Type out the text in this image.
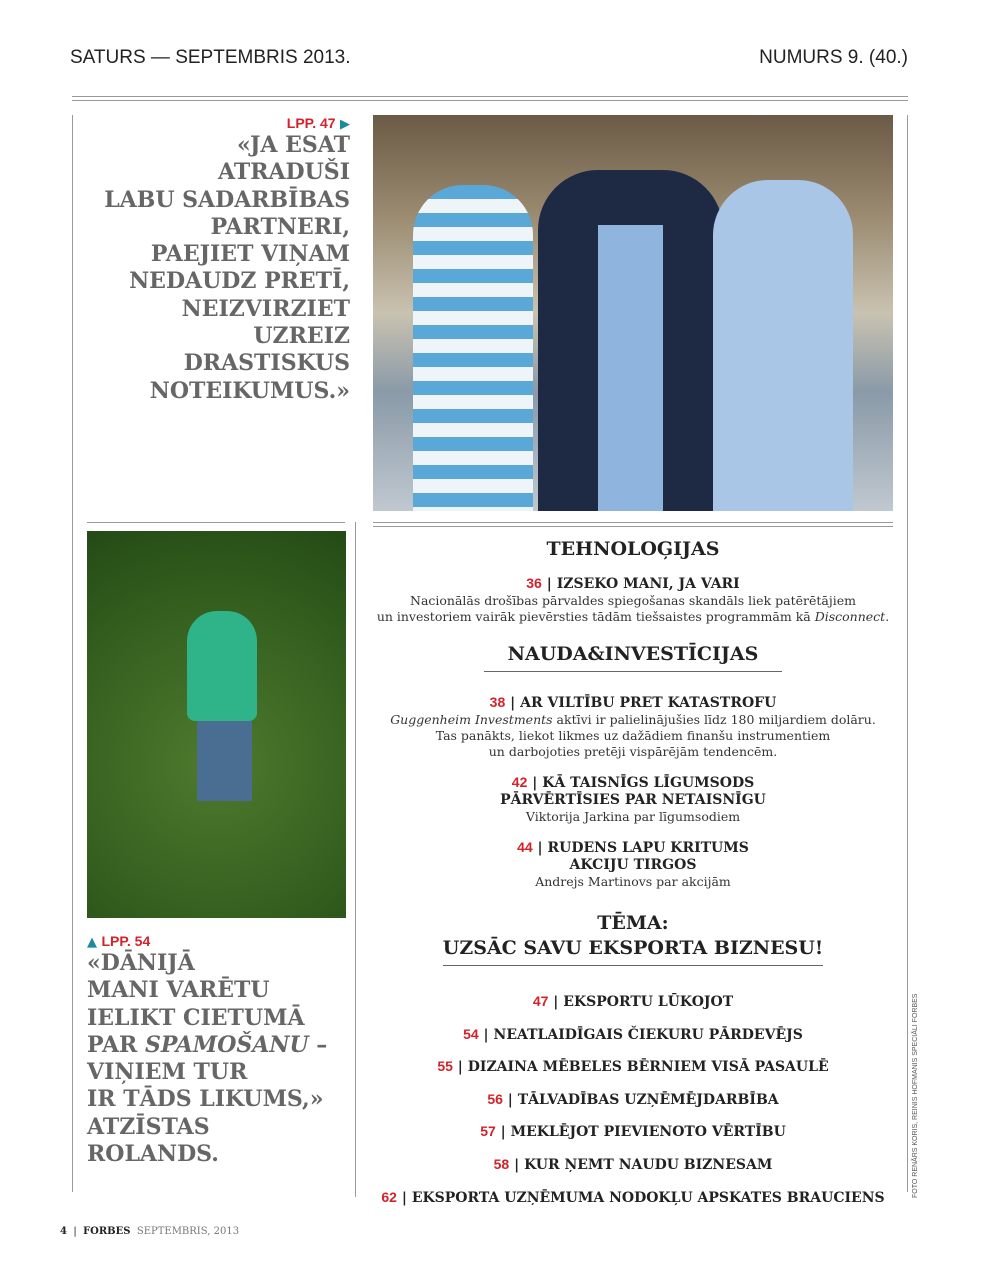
SATURS — SEPTEMBRIS 2013.	NUMURS 9. (40.)
LPP. 47 ▶
«JA ESAT
ATRADUŠI
LABU SADARBĪBAS
PARTNERI,
PAEJIET VIŅAM
NEDAUDZ PRETĪ,
NEIZVIRZIET
UZREIZ
DRASTISKUS
NOTEIKUMUS.»
▲ LPP. 54
«DĀNIJĀ
MANI VARĒTU
IELIKT CIETUMĀ
PAR SPAMOŠANU –
VIŅIEM TUR
IR TĀDS LIKUMS,»
ATZĪSTAS
ROLANDS.
TEHNOLOĢIJAS
36 | IZSEKO MANI, JA VARI
Nacionālās drošības pārvaldes spiegošanas skandāls liek patērētājiem
un investoriem vairāk pievērsties tādām tiešsaistes programmām kā Disconnect.
NAUDA&INVESTĪCIJAS
38 | AR VILTĪBU PRET KATASTROFU
Guggenheim Investments aktīvi ir palielinājušies līdz 180 miljardiem dolāru.
Tas panākts, liekot likmes uz dažādiem finanšu instrumentiem
un darbojoties pretēji vispārējām tendencēm.
42 | KĀ TAISNĪGS LĪGUMSODS
PĀRVĒRTĪSIES PAR NETAISNĪGU
Viktorija Jarkina par līgumsodiem
44 | RUDENS LAPU KRITUMS
AKCIJU TIRGOS
Andrejs Martinovs par akcijām
TĒMA:
UZSĀC SAVU EKSPORTA BIZNESU!
47 | EKSPORTU LŪKOJOT
54 | NEATLAIDĪGAIS ČIEKURU PĀRDEVĒJS
55 | DIZAINA MĒBELES BĒRNIEM VISĀ PASAULĒ
56 | TĀLVADĪBAS UZŅĒMĒJDARBĪBA
57 | MEKLĒJOT PIEVIENOTO VĒRTĪBU
58 | KUR ŅEMT NAUDU BIZNESAM
62 | EKSPORTA UZŅĒMUMA NODOKĻU APSKATES BRAUCIENS	FOTO RENĀRS KORIS, REINIS HOFMANIS SPECIĀLI FORBES
4  |  FORBES SEPTEMBRIS, 2013
